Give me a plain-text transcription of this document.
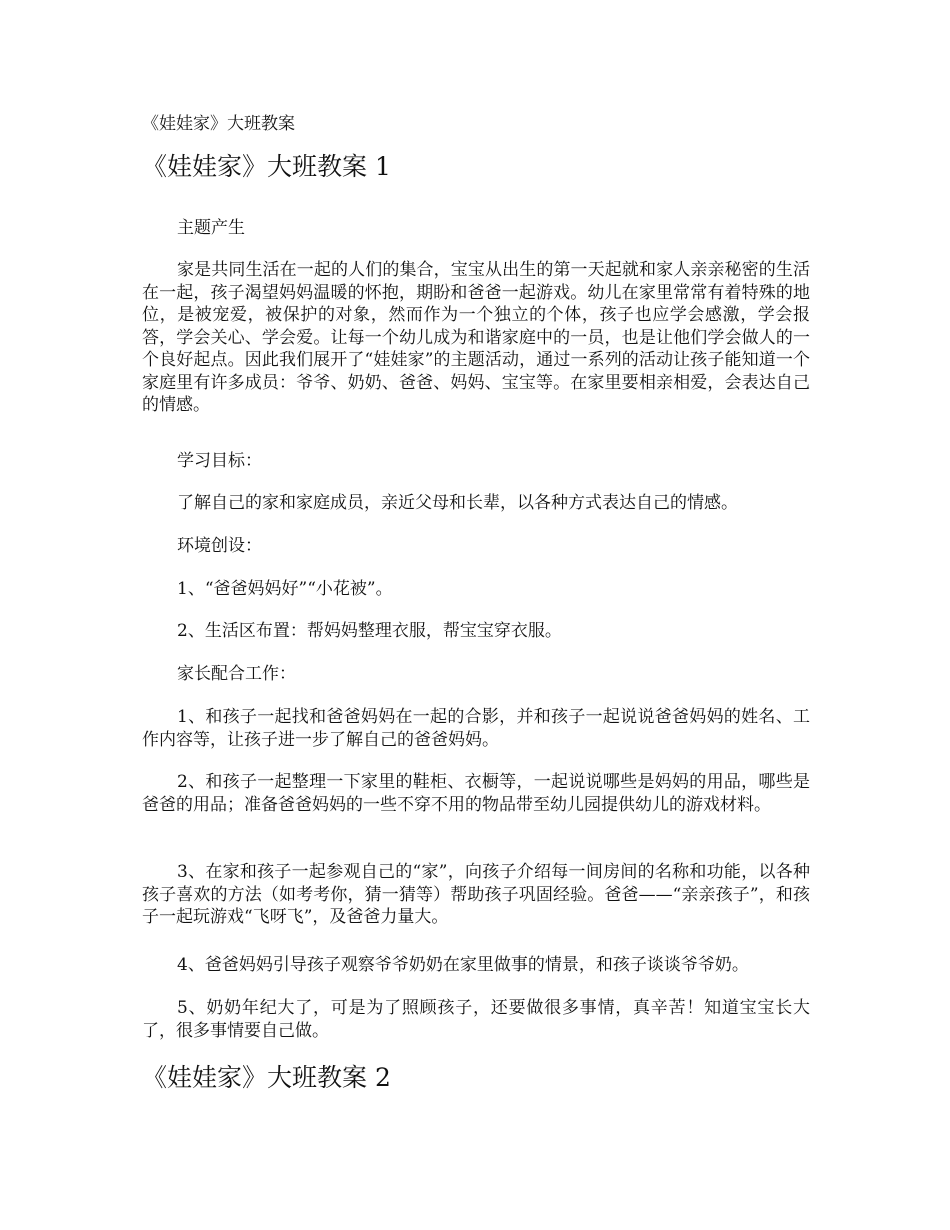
《娃娃家》大班教案
《娃娃家》大班教案 1

主题产生

家是共同生活在一起的人们的集合，宝宝从出生的第一天起就和家人亲亲秘密的生活在一起，孩子渴望妈妈温暖的怀抱，期盼和爸爸一起游戏。幼儿在家里常常有着特殊的地位，是被宠爱，被保护的对象，然而作为一个独立的个体，孩子也应学会感激，学会报答，学会关心、学会爱。让每一个幼儿成为和谐家庭中的一员，也是让他们学会做人的一个良好起点。因此我们展开了“娃娃家”的主题活动，通过一系列的活动让孩子能知道一个家庭里有许多成员：爷爷、奶奶、爸爸、妈妈、宝宝等。在家里要相亲相爱，会表达自己的情感。

学习目标：

了解自己的家和家庭成员，亲近父母和长辈，以各种方式表达自己的情感。

环境创设：

1、“爸爸妈妈好”“小花被”。

2、生活区布置：帮妈妈整理衣服，帮宝宝穿衣服。

家长配合工作：

1、和孩子一起找和爸爸妈妈在一起的合影，并和孩子一起说说爸爸妈妈的姓名、工作内容等，让孩子进一步了解自己的爸爸妈妈。

2、和孩子一起整理一下家里的鞋柜、衣橱等，一起说说哪些是妈妈的用品，哪些是爸爸的用品；准备爸爸妈妈的一些不穿不用的物品带至幼儿园提供幼儿的游戏材料。

3、在家和孩子一起参观自己的“家”，向孩子介绍每一间房间的名称和功能，以各种孩子喜欢的方法（如考考你，猜一猜等）帮助孩子巩固经验。爸爸——“亲亲孩子”，和孩子一起玩游戏“飞呀飞”，及爸爸力量大。

4、爸爸妈妈引导孩子观察爷爷奶奶在家里做事的情景，和孩子谈谈爷爷奶。

5、奶奶年纪大了，可是为了照顾孩子，还要做很多事情，真辛苦！知道宝宝长大了，很多事情要自己做。

《娃娃家》大班教案 2
